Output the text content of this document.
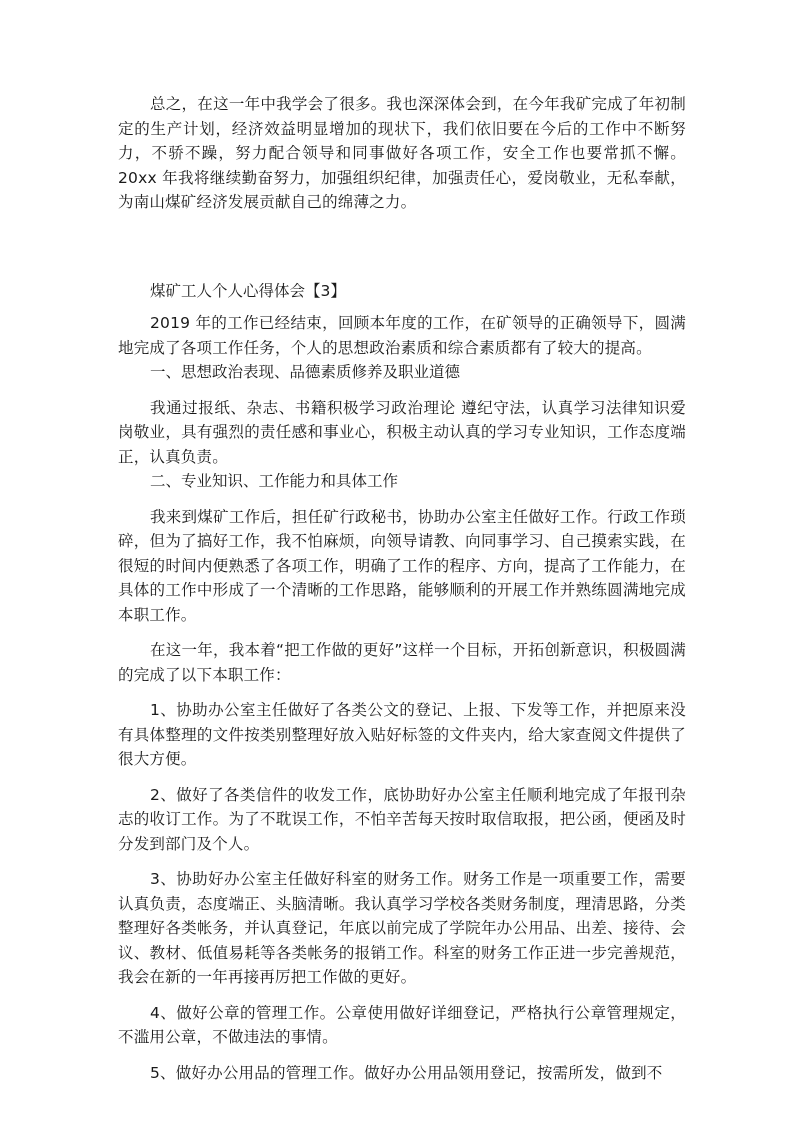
总之，在这一年中我学会了很多。我也深深体会到，在今年我矿完成了年初制定的生产计划，经济效益明显增加的现状下，我们依旧要在今后的工作中不断努力，不骄不躁，努力配合领导和同事做好各项工作，安全工作也要常抓不懈。20xx 年我将继续勤奋努力，加强组织纪律，加强责任心，爱岗敬业，无私奉献，为南山煤矿经济发展贡献自己的绵薄之力。

煤矿工人个人心得体会【3】

2019 年的工作已经结束，回顾本年度的工作，在矿领导的正确领导下，圆满地完成了各项工作任务，个人的思想政治素质和综合素质都有了较大的提高。

一、思想政治表现、品德素质修养及职业道德

我通过报纸、杂志、书籍积极学习政治理论 遵纪守法，认真学习法律知识爱岗敬业，具有强烈的责任感和事业心，积极主动认真的学习专业知识，工作态度端正，认真负责。

二、专业知识、工作能力和具体工作

我来到煤矿工作后，担任矿行政秘书，协助办公室主任做好工作。行政工作琐碎，但为了搞好工作，我不怕麻烦，向领导请教、向同事学习、自己摸索实践，在很短的时间内便熟悉了各项工作，明确了工作的程序、方向，提高了工作能力，在具体的工作中形成了一个清晰的工作思路，能够顺利的开展工作并熟练圆满地完成本职工作。

在这一年，我本着“把工作做的更好”这样一个目标，开拓创新意识，积极圆满的完成了以下本职工作：

1、协助办公室主任做好了各类公文的登记、上报、下发等工作，并把原来没有具体整理的文件按类别整理好放入贴好标签的文件夹内，给大家查阅文件提供了很大方便。

2、做好了各类信件的收发工作，底协助好办公室主任顺利地完成了年报刊杂志的收订工作。为了不耽误工作，不怕辛苦每天按时取信取报，把公函，便函及时分发到部门及个人。

3、协助好办公室主任做好科室的财务工作。财务工作是一项重要工作，需要认真负责，态度端正、头脑清晰。我认真学习学校各类财务制度，理清思路，分类整理好各类帐务，并认真登记，年底以前完成了学院年办公用品、出差、接待、会议、教材、低值易耗等各类帐务的报销工作。科室的财务工作正进一步完善规范，我会在新的一年再接再厉把工作做的更好。

4、做好公章的管理工作。公章使用做好详细登记，严格执行公章管理规定，不滥用公章，不做违法的事情。

5、做好办公用品的管理工作。做好办公用品领用登记，按需所发，做到不
